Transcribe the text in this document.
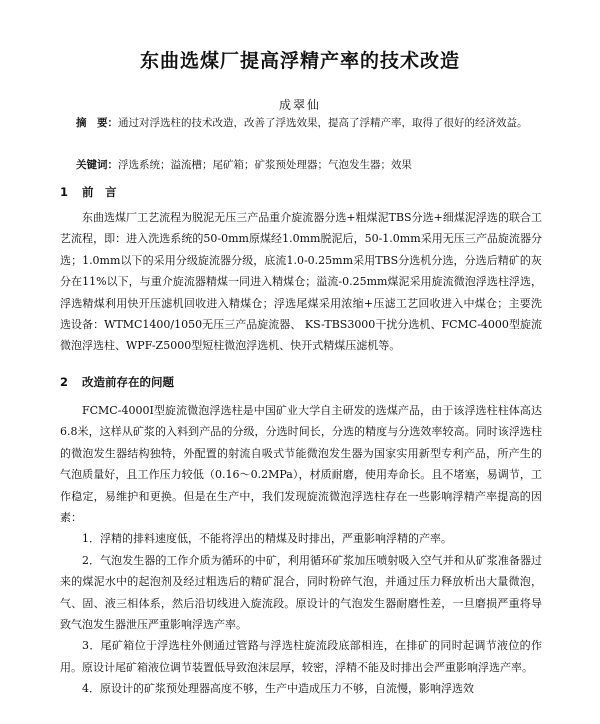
东曲选煤厂提高浮精产率的技术改造
成翠仙
摘　要：通过对浮选柱的技术改造，改善了浮选效果，提高了浮精产率，取得了很好的经济效益。
关键词：浮选系统；溢流槽；尾矿箱；矿浆预处理器；气泡发生器；效果
1 前　言

东曲选煤厂工艺流程为脱泥无压三产品重介旋流器分选+粗煤泥TBS分选+细煤泥浮选的联合工艺流程，即：进入洗选系统的50-0mm原煤经1.0mm脱泥后，50-1.0mm采用无压三产品旋流器分选；1.0mm以下的采用分级旋流器分级，底流1.0-0.25mm采用TBS分选机分选，分选后精矿的灰分在11%以下，与重介旋流器精煤一同进入精煤仓；溢流-0.25mm煤泥采用旋流微泡浮选柱浮选，浮选精煤利用快开压滤机回收进入精煤仓；浮选尾煤采用浓缩+压滤工艺回收进入中煤仓；主要洗选设备：WTMC1400/1050无压三产品旋流器、 KS-TBS3000干扰分选机、FCMC-4000型旋流微泡浮选柱、WPF-Z5000型短柱微泡浮选机、快开式精煤压滤机等。

2 改造前存在的问题

FCMC-4000Ⅰ型旋流微泡浮选柱是中国矿业大学自主研发的选煤产品，由于该浮选柱柱体高达6.8米，这样从矿浆的入料到产品的分级，分选时间长，分选的精度与分选效率较高。同时该浮选柱的微泡发生器结构独特，外配置的射流自吸式节能微泡发生器为国家实用新型专利产品，所产生的气泡质量好，且工作压力较低（0.16～0.2MPa），材质耐磨，使用寿命长。且不堵塞，易调节，工作稳定，易维护和更换。但是在生产中，我们发现旋流微泡浮选柱存在一些影响浮精产率提高的因素：

1．浮精的排料速度低，不能将浮出的精煤及时排出，严重影响浮精的产率。

2．气泡发生器的工作介质为循环的中矿，利用循环矿浆加压喷射吸入空气并和从矿浆准备器过来的煤泥水中的起泡剂及经过粗选后的精矿混合，同时粉碎气泡，并通过压力释放析出大量微泡，气、固、液三相体系，然后沿切线进入旋流段。原设计的气泡发生器耐磨性差，一旦磨损严重将导致气泡发生器泄压严重影响浮选产率。

3．尾矿箱位于浮选柱外侧通过管路与浮选柱旋流段底部相连，在排矿的同时起调节液位的作用。原设计尾矿箱液位调节装置低导致泡沫层厚，较密，浮精不能及时排出会严重影响浮选产率。

4．原设计的矿浆预处理器高度不够，生产中造成压力不够，自流慢，影响浮选效
